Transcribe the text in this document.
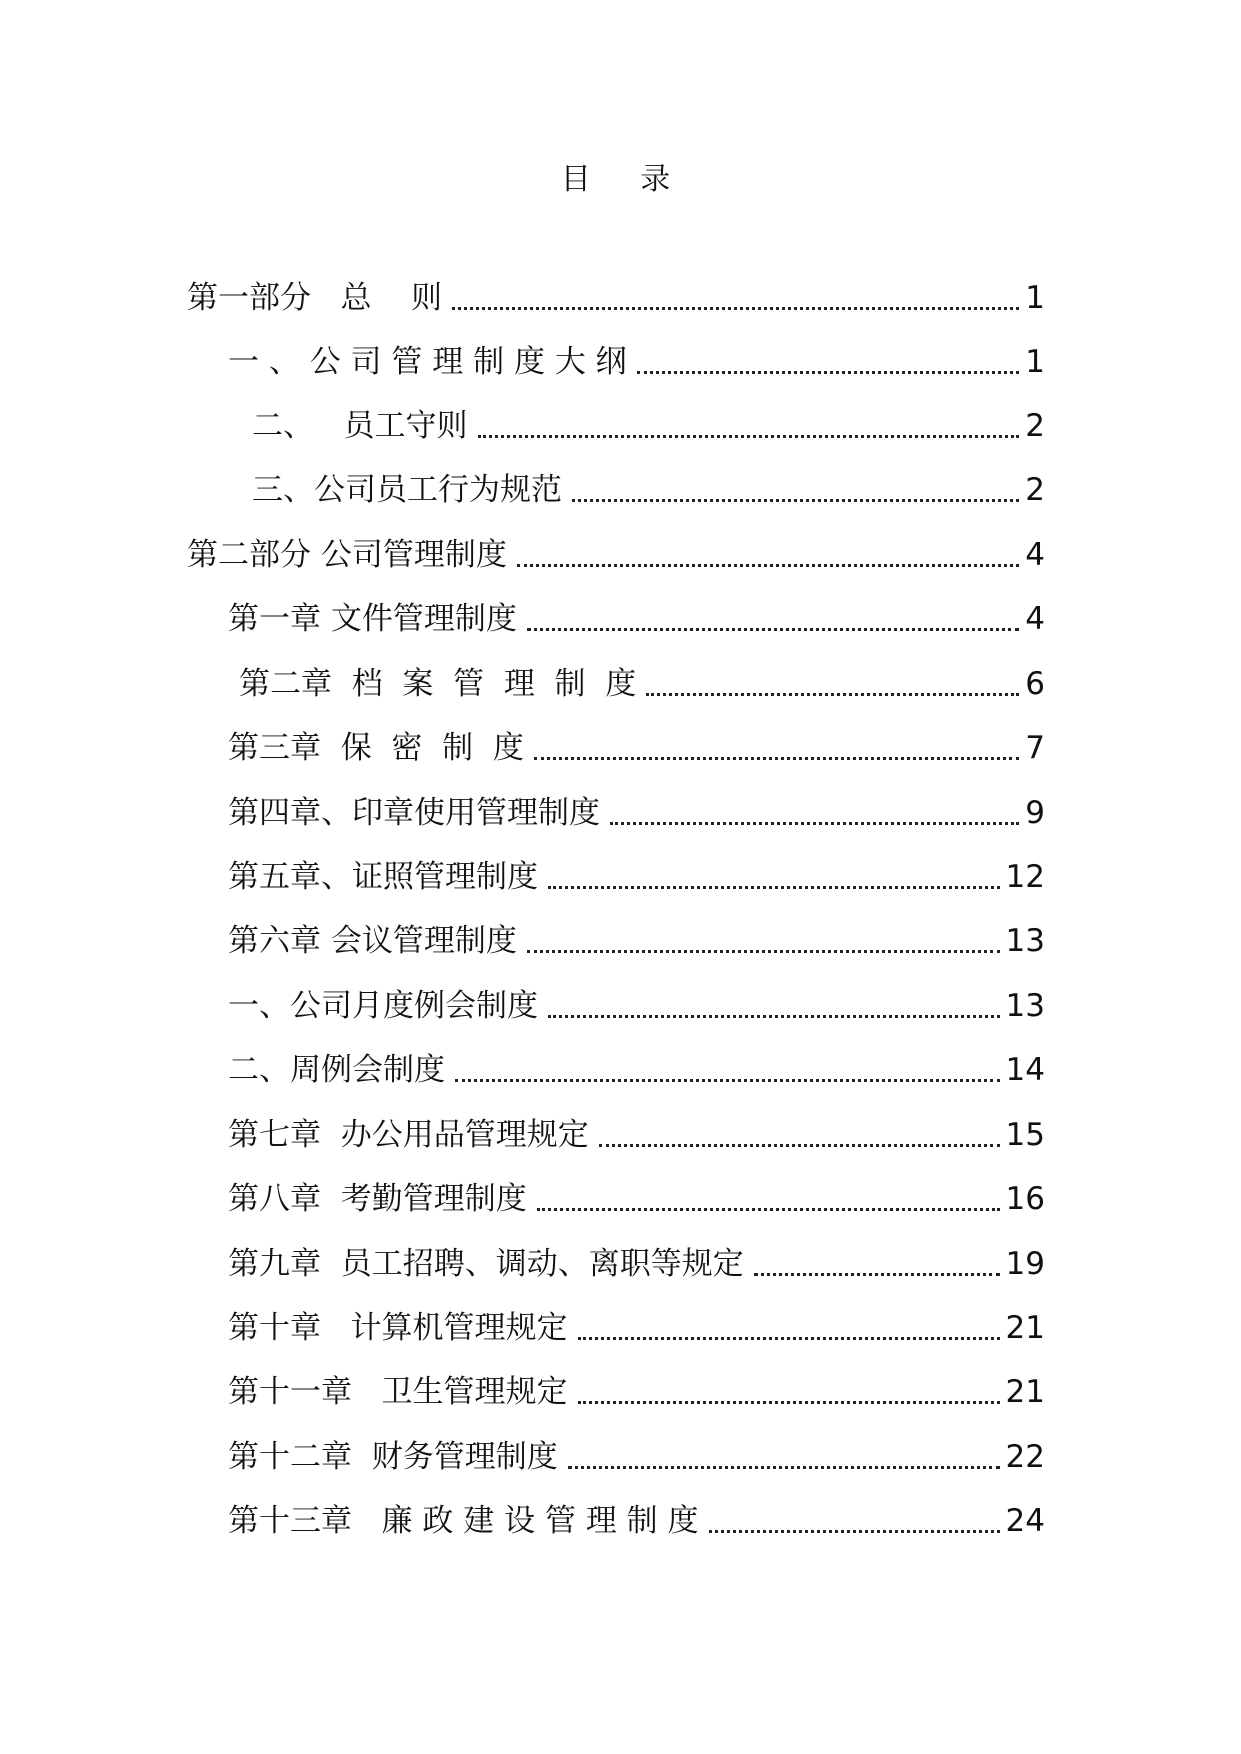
目 录
第一部分   总    则	1
一 、 公 司 管 理 制 度 大 纲	1
二、   员工守则	2
三、公司员工行为规范	2
第二部分 公司管理制度	4
第一章 文件管理制度	4
第二章  档  案  管  理  制  度	6
第三章  保  密  制  度	7
第四章、印章使用管理制度	9
第五章、证照管理制度	12
第六章 会议管理制度	13
一、公司月度例会制度	13
二、周例会制度	14
第七章  办公用品管理规定	15
第八章  考勤管理制度	16
第九章  员工招聘、调动、离职等规定	19
第十章   计算机管理规定	21
第十一章   卫生管理规定	21
第十二章  财务管理制度	22
第十三章   廉 政 建 设 管 理 制 度	24
